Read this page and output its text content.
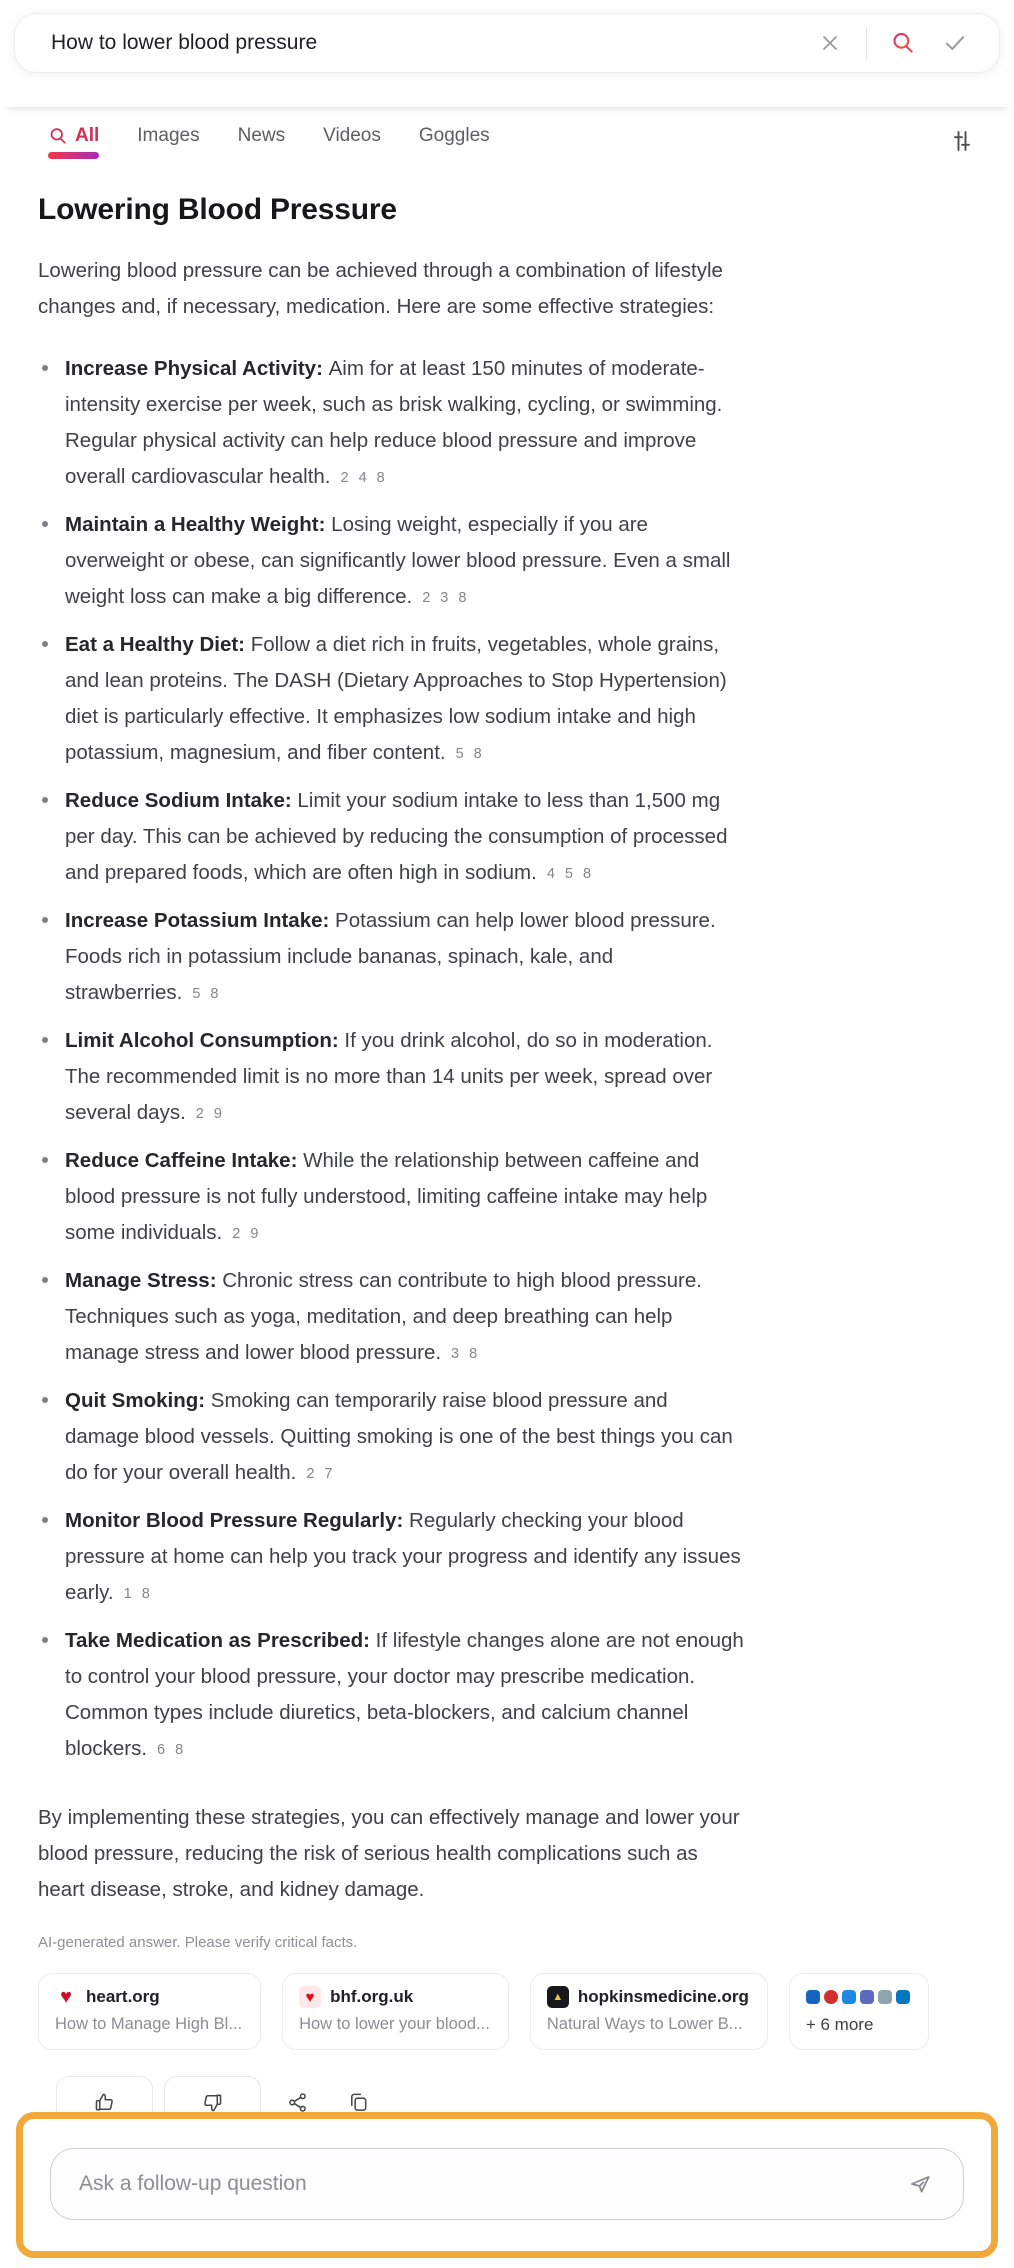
How to lower blood pressure
All Images News Videos Goggles
Lowering Blood Pressure

Lowering blood pressure can be achieved through a combination of lifestyle changes and, if necessary, medication. Here are some effective strategies:

Increase Physical Activity: Aim for at least 150 minutes of moderate-intensity exercise per week, such as brisk walking, cycling, or swimming. Regular physical activity can help reduce blood pressure and improve overall cardiovascular health. 2 4 8
Maintain a Healthy Weight: Losing weight, especially if you are overweight or obese, can significantly lower blood pressure. Even a small weight loss can make a big difference. 2 3 8
Eat a Healthy Diet: Follow a diet rich in fruits, vegetables, whole grains, and lean proteins. The DASH (Dietary Approaches to Stop Hypertension) diet is particularly effective. It emphasizes low sodium intake and high potassium, magnesium, and fiber content. 5 8
Reduce Sodium Intake: Limit your sodium intake to less than 1,500 mg per day. This can be achieved by reducing the consumption of processed and prepared foods, which are often high in sodium. 4 5 8
Increase Potassium Intake: Potassium can help lower blood pressure. Foods rich in potassium include bananas, spinach, kale, and strawberries. 5 8
Limit Alcohol Consumption: If you drink alcohol, do so in moderation. The recommended limit is no more than 14 units per week, spread over several days. 2 9
Reduce Caffeine Intake: While the relationship between caffeine and blood pressure is not fully understood, limiting caffeine intake may help some individuals. 2 9
Manage Stress: Chronic stress can contribute to high blood pressure. Techniques such as yoga, meditation, and deep breathing can help manage stress and lower blood pressure. 3 8
Quit Smoking: Smoking can temporarily raise blood pressure and damage blood vessels. Quitting smoking is one of the best things you can do for your overall health. 2 7
Monitor Blood Pressure Regularly: Regularly checking your blood pressure at home can help you track your progress and identify any issues early. 1 8
Take Medication as Prescribed: If lifestyle changes alone are not enough to control your blood pressure, your doctor may prescribe medication. Common types include diuretics, beta-blockers, and calcium channel blockers. 6 8

By implementing these strategies, you can effectively manage and lower your blood pressure, reducing the risk of serious health complications such as heart disease, stroke, and kidney damage.

AI-generated answer. Please verify critical facts.

♥ heart.org
How to Manage High Bl...
♥ bhf.org.uk
How to lower your blood...
▲ hopkinsmedicine.org
Natural Ways to Lower B...	+ 6 more
Ask a follow-up question
